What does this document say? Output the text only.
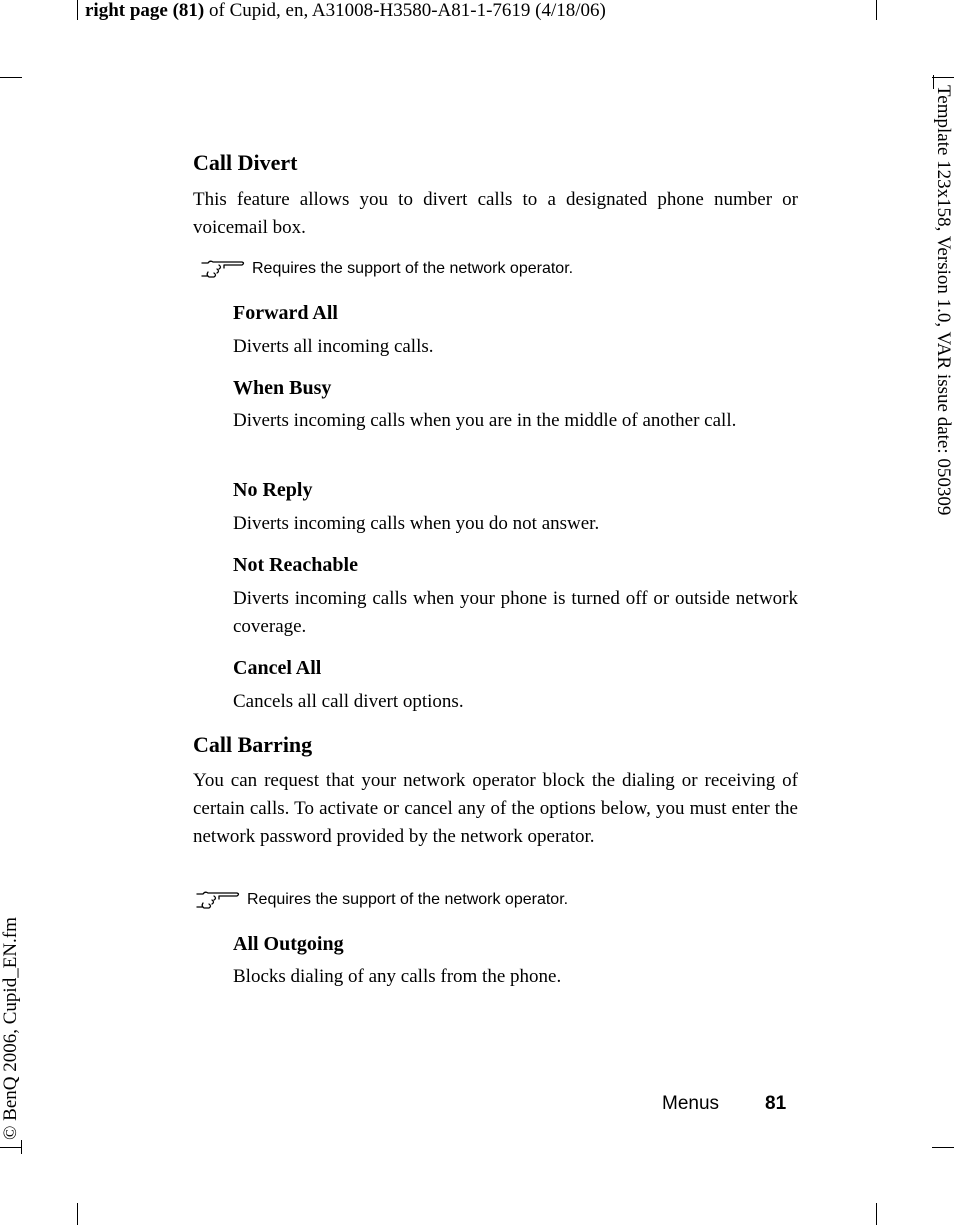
right page (81) of Cupid, en, A31008-H3580-A81-1-7619 (4/18/06)
Template 123x158, Version 1.0, VAR issue date: 050309
© BenQ 2006, Cupid_EN.fm
Call Divert

This feature allows you to divert calls to a designated phone number or voicemail box.

Requires the support of the network operator.
Forward All

Diverts all incoming calls.

When Busy

Diverts incoming calls when you are in the middle of another call.

No Reply

Diverts incoming calls when you do not answer.

Not Reachable

Diverts incoming calls when your phone is turned off or outside network coverage.

Cancel All

Cancels all call divert options.

Call Barring

You can request that your network operator block the dialing or receiving of certain calls. To activate or cancel any of the options below, you must enter the network password provided by the network operator.

Requires the support of the network operator.
All Outgoing

Blocks dialing of any calls from the phone.

Menus 81
